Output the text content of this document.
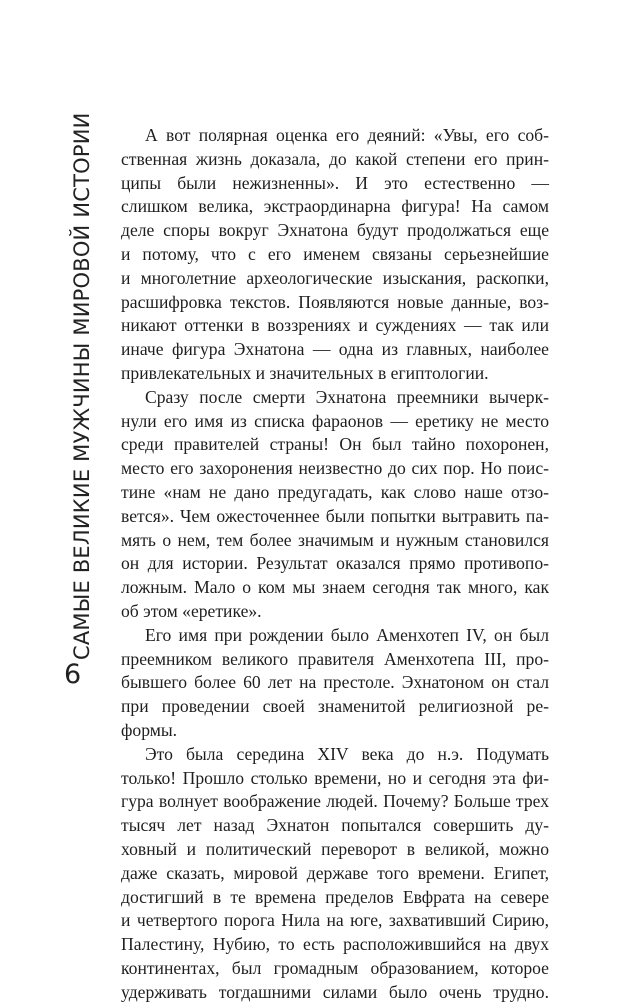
САМЫЕ ВЕЛИКИЕ МУЖЧИНЫ МИРОВОЙ ИСТОРИИ
6
А вот полярная оценка его деяний: «Увы, его соб-
ственная жизнь доказала, до какой степени его прин-
ципы были нежизненны». И это естественно —
слишком велика, экстраординарна фигура! На самом
деле споры вокруг Эхнатона будут продолжаться еще
и потому, что с его именем связаны серьезнейшие
и многолетние археологические изыскания, раскопки,
расшифровка текстов. Появляются новые данные, воз-
никают оттенки в воззрениях и суждениях — так или
иначе фигура Эхнатона — одна из главных, наиболее
привлекательных и значительных в египтологии.
Сразу после смерти Эхнатона преемники вычерк-
нули его имя из списка фараонов — еретику не место
среди правителей страны! Он был тайно похоронен,
место его захоронения неизвестно до сих пор. Но поис-
тине «нам не дано предугадать, как слово наше отзо-
вется». Чем ожесточеннее были попытки вытравить па-
мять о нем, тем более значимым и нужным становился
он для истории. Результат оказался прямо противопо-
ложным. Мало о ком мы знаем сегодня так много, как
об этом «еретике».
Его имя при рождении было Аменхотеп IV, он был
преемником великого правителя Аменхотепа III, про-
бывшего более 60 лет на престоле. Эхнатоном он стал
при проведении своей знаменитой религиозной ре-
формы.
Это была середина XIV века до н.э. Подумать
только! Прошло столько времени, но и сегодня эта фи-
гура волнует воображение людей. Почему? Больше трех
тысяч лет назад Эхнатон попытался совершить ду-
ховный и политический переворот в великой, можно
даже сказать, мировой державе того времени. Египет,
достигший в те времена пределов Евфрата на севере
и четвертого порога Нила на юге, захвативший Сирию,
Палестину, Нубию, то есть расположившийся на двух
континентах, был громадным образованием, которое
удерживать тогдашними силами было очень трудно.
